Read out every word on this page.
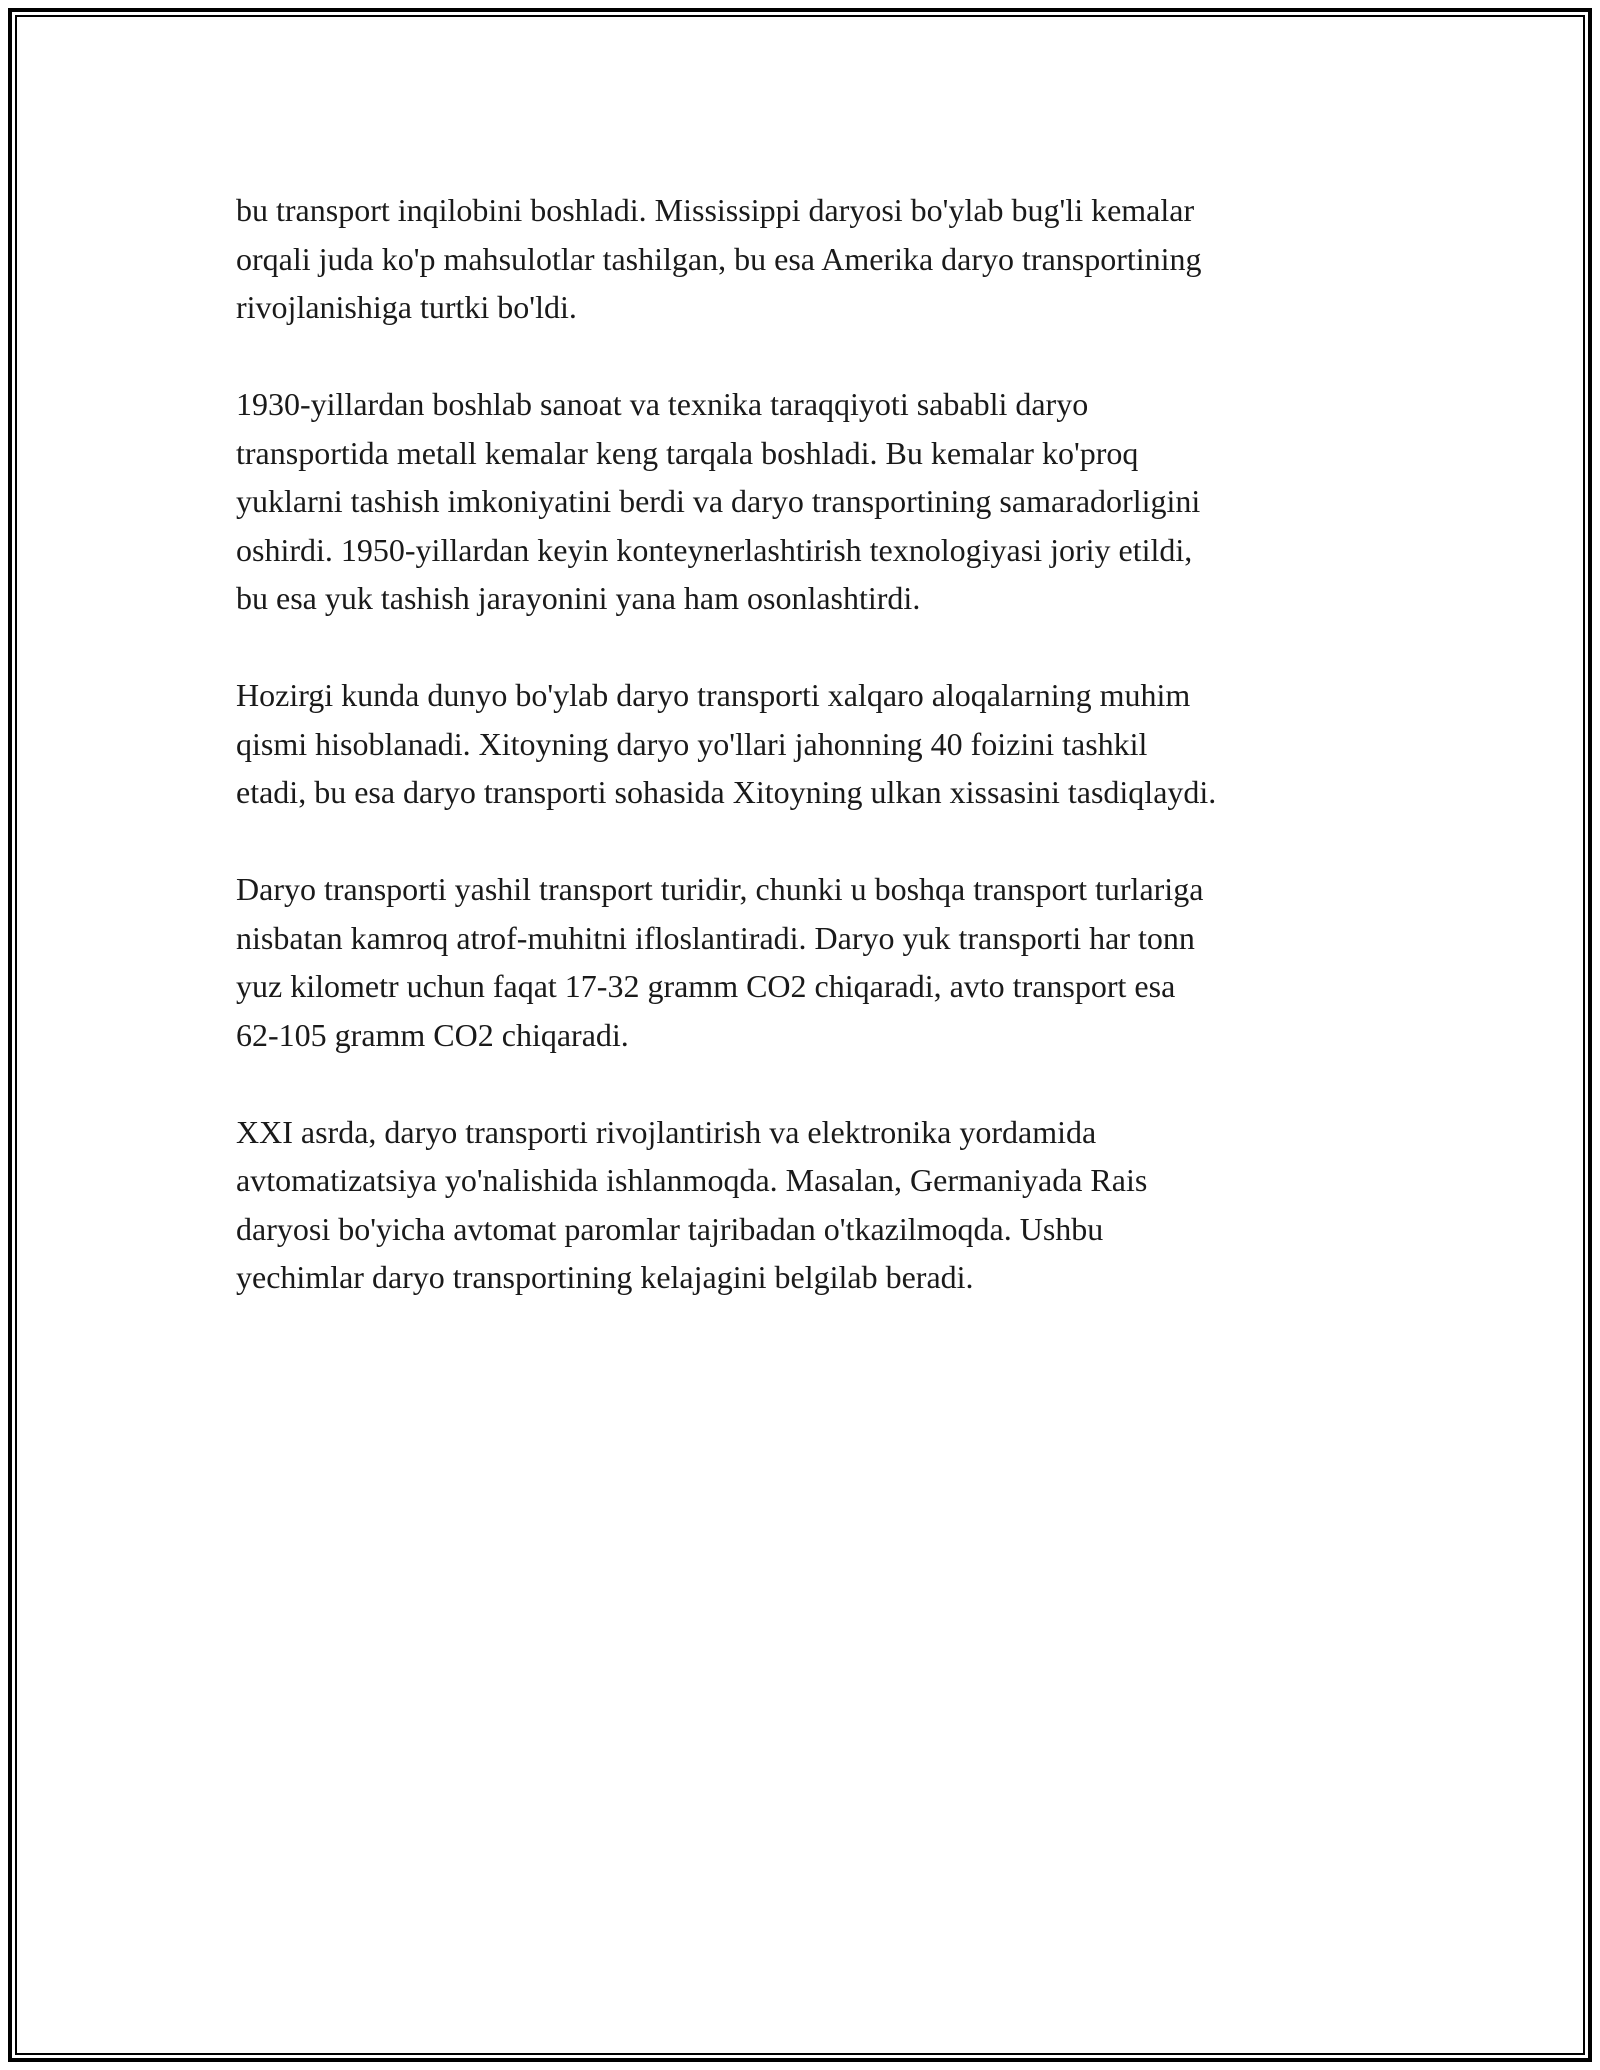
bu transport inqilobini boshladi. Mississippi daryosi bo'ylab bug'li kemalar
orqali juda ko'p mahsulotlar tashilgan, bu esa Amerika daryo transportining
rivojlanishiga turtki bo'ldi.

1930-yillardan boshlab sanoat va texnika taraqqiyoti sababli daryo
transportida metall kemalar keng tarqala boshladi. Bu kemalar ko'proq
yuklarni tashish imkoniyatini berdi va daryo transportining samaradorligini
oshirdi. 1950-yillardan keyin konteynerlashtirish texnologiyasi joriy etildi,
bu esa yuk tashish jarayonini yana ham osonlashtirdi.

Hozirgi kunda dunyo bo'ylab daryo transporti xalqaro aloqalarning muhim
qismi hisoblanadi. Xitoyning daryo yo'llari jahonning 40 foizini tashkil
etadi, bu esa daryo transporti sohasida Xitoyning ulkan xissasini tasdiqlaydi.

Daryo transporti yashil transport turidir, chunki u boshqa transport turlariga
nisbatan kamroq atrof-muhitni ifloslantiradi. Daryo yuk transporti har tonn
yuz kilometr uchun faqat 17-32 gramm CO2 chiqaradi, avto transport esa
62-105 gramm CO2 chiqaradi.

XXI asrda, daryo transporti rivojlantirish va elektronika yordamida
avtomatizatsiya yo'nalishida ishlanmoqda. Masalan, Germaniyada Rais
daryosi bo'yicha avtomat paromlar tajribadan o'tkazilmoqda. Ushbu
yechimlar daryo transportining kelajagini belgilab beradi.
